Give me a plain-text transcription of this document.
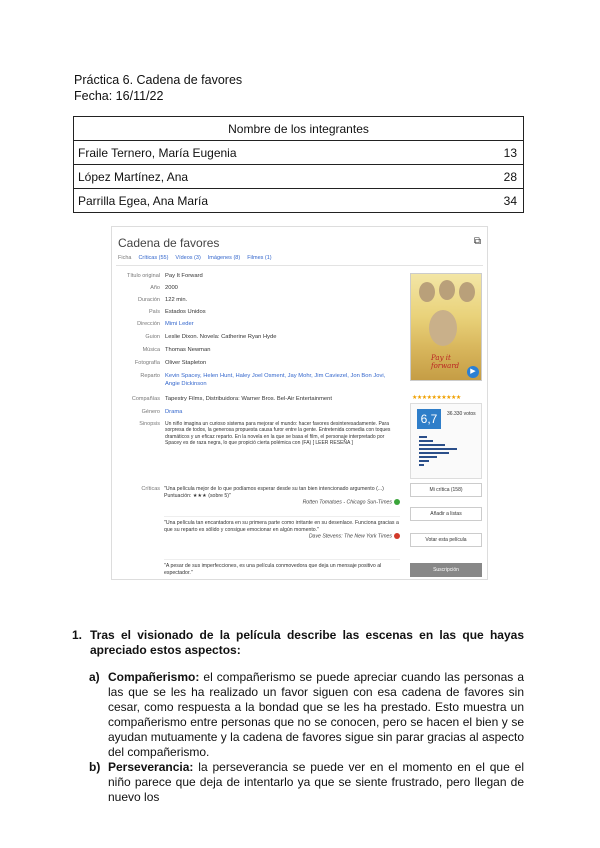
Práctica 6. Cadena de favores
Fecha: 16/11/22
Nombre de los integrantes	
Fraile Ternero, María Eugenia	13
López Martínez, Ana	28
Parrilla Egea, Ana María	34
Cadena de favores	⧉
Ficha Críticas (55) Vídeos (3) Imágenes (8) Filmes (1)
Título original Pay It Forward
Año 2000
Duración 122 min.
País Estados Unidos
Dirección Mimi Leder
Guion Leslie Dixon. Novela: Catherine Ryan Hyde
Música Thomas Newman
Fotografía Oliver Stapleton
Reparto Kevin Spacey, Helen Hunt, Haley Joel Osment, Jay Mohr, Jim Caviezel, Jon Bon Jovi, Angie Dickinson
Compañías Tapestry Films, Distribuidora: Warner Bros. Bel-Air Entertainment
Género Drama
Sinopsis	Un niño imagina un curioso sistema para mejorar el mundo: hacer favores desinteresadamente. Para sorpresa de todos, la generosa propuesta causa furor entre la gente. Entretenida comedia con toques dramáticos y un eficaz reparto. En la novela en la que se basa el film, el personaje interpretado por Spacey es de raza negra, lo que propició cierta polémica con (FA) [ LEER RESEÑA ]
Pay it forward
▶
★★★★★★★★★★
6,7	36.330 votos
Mi crítica (158)
Añadir a listas
Votar esta película
Suscripción
Críticas "Una película mejor de lo que podíamos esperar desde su tan bien intencionado argumento (...) Puntuación: ★★★ (sobre 5)"
Rotten Tomatoes - Chicago Sun-Times
"Una película tan encantadora en su primera parte como irritante en su desenlace. Funciona gracias a que su reparto es sólido y consigue emocionar en algún momento."
Dave Stevens: The New York Times
"A pesar de sus imperfecciones, es una película conmovedora que deja un mensaje positivo al espectador."
1. Tras el visionado de la película describe las escenas en las que hayas apreciado estos aspectos:
a) Compañerismo: el compañerismo se puede apreciar cuando las personas a las que se les ha realizado un favor siguen con esa cadena de favores sin cesar, como respuesta a la bondad que se les ha prestado. Esto muestra un compañerismo entre personas que no se conocen, pero se hacen el bien y se ayudan mutuamente y la cadena de favores sigue sin parar gracias al aspecto del compañerismo.
b) Perseverancia: la perseverancia se puede ver en el momento en el que el niño parece que deja de intentarlo ya que se siente frustrado, pero llegan de nuevo los
